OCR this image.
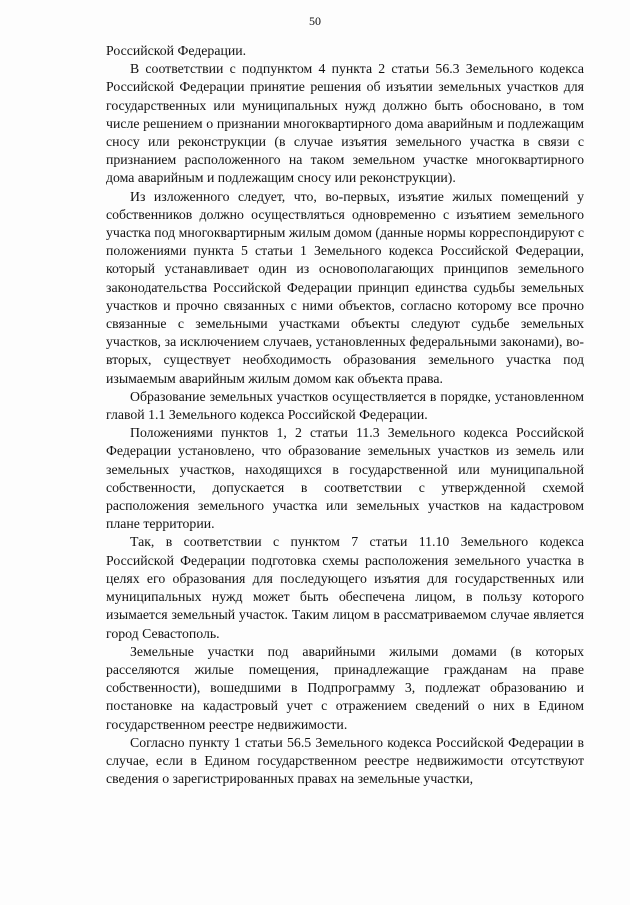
50

Российской Федерации.

В соответствии с подпунктом 4 пункта 2 статьи 56.3 Земельного кодекса Российской Федерации принятие решения об изъятии земельных участков для государственных или муниципальных нужд должно быть обосновано, в том числе решением о признании многоквартирного дома аварийным и подлежащим сносу или реконструкции (в случае изъятия земельного участка в связи с признанием расположенного на таком земельном участке многоквартирного дома аварийным и подлежащим сносу или реконструкции).

Из изложенного следует, что, во-первых, изъятие жилых помещений у собственников должно осуществляться одновременно с изъятием земельного участка под многоквартирным жилым домом (данные нормы корреспондируют с положениями пункта 5 статьи 1 Земельного кодекса Российской Федерации, который устанавливает один из основополагающих принципов земельного законодательства Российской Федерации принцип единства судьбы земельных участков и прочно связанных с ними объектов, согласно которому все прочно связанные с земельными участками объекты следуют судьбе земельных участков, за исключением случаев, установленных федеральными законами), во-вторых, существует необходимость образования земельного участка под изымаемым аварийным жилым домом как объекта права.

Образование земельных участков осуществляется в порядке, установленном главой 1.1 Земельного кодекса Российской Федерации.

Положениями пунктов 1, 2 статьи 11.3 Земельного кодекса Российской Федерации установлено, что образование земельных участков из земель или земельных участков, находящихся в государственной или муниципальной собственности, допускается в соответствии с утвержденной схемой расположения земельного участка или земельных участков на кадастровом плане территории.

Так, в соответствии с пунктом 7 статьи 11.10 Земельного кодекса Российской Федерации подготовка схемы расположения земельного участка в целях его образования для последующего изъятия для государственных или муниципальных нужд может быть обеспечена лицом, в пользу которого изымается земельный участок. Таким лицом в рассматриваемом случае является город Севастополь.

Земельные участки под аварийными жилыми домами (в которых расселяются жилые помещения, принадлежащие гражданам на праве собственности), вошедшими в Подпрограмму 3, подлежат образованию и постановке на кадастровый учет с отражением сведений о них в Едином государственном реестре недвижимости.

Согласно пункту 1 статьи 56.5 Земельного кодекса Российской Федерации в случае, если в Едином государственном реестре недвижимости отсутствуют сведения о зарегистрированных правах на земельные участки,
